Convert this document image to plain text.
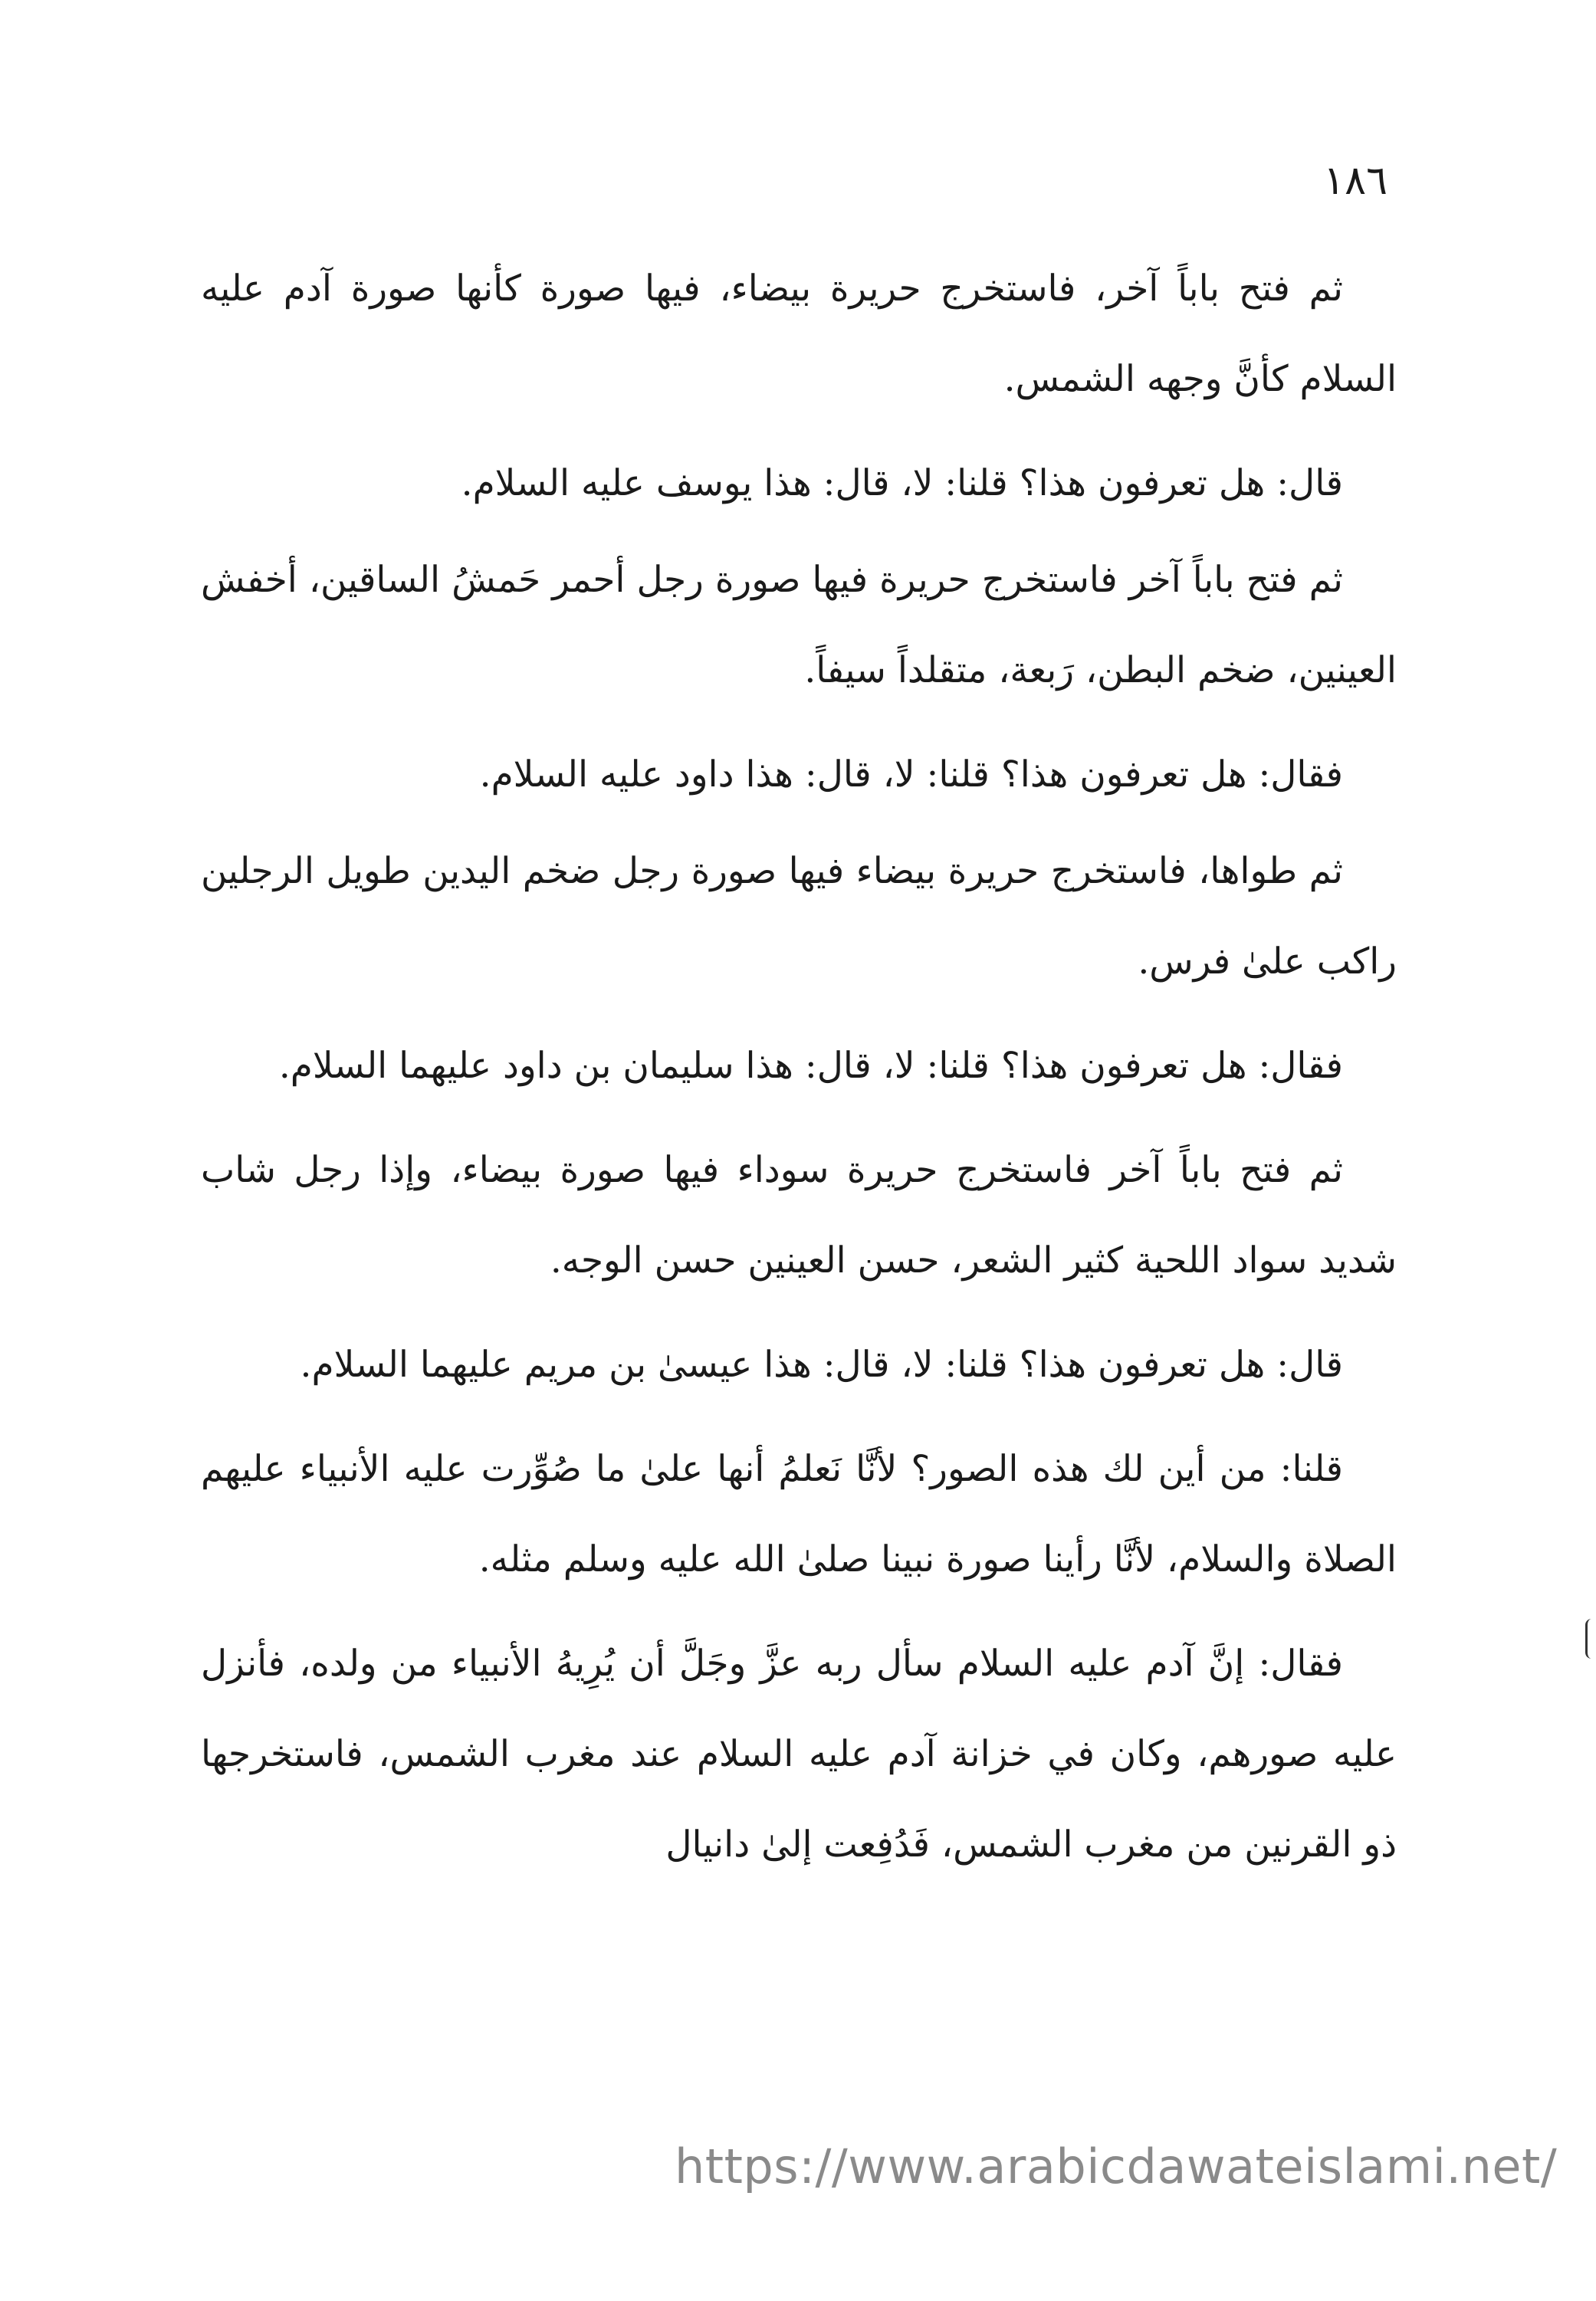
١٨٦

ثم فتح باباً آخر، فاستخرج حريرة بيضاء، فيها صورة كأنها صورة آدم عليه السلام كأنَّ وجهه الشمس.

قال: هل تعرفون هذا؟ قلنا: لا، قال: هذا يوسف عليه السلام.

ثم فتح باباً آخر فاستخرج حريرة فيها صورة رجل أحمر حَمشُ الساقين، أخفش العينين، ضخم البطن، رَبعة، متقلداً سيفاً.

فقال: هل تعرفون هذا؟ قلنا: لا، قال: هذا داود عليه السلام.

ثم طواها، فاستخرج حريرة بيضاء فيها صورة رجل ضخم اليدين طويل الرجلين راكب علىٰ فرس.

فقال: هل تعرفون هذا؟ قلنا: لا، قال: هذا سليمان بن داود عليهما السلام.

ثم فتح باباً آخر فاستخرج حريرة سوداء فيها صورة بيضاء، وإذا رجل شاب شديد سواد اللحية كثير الشعر، حسن العينين حسن الوجه.

قال: هل تعرفون هذا؟ قلنا: لا، قال: هذا عيسىٰ بن مريم عليهما السلام.

قلنا: من أين لك هذه الصور؟ لأنَّا نَعلمُ أنها علىٰ ما صُوِّرت عليه الأنبياء عليهم الصلاة والسلام، لأنَّا رأينا صورة نبينا صلىٰ الله عليه وسلم مثله.

فقال: إنَّ آدم عليه السلام سأل ربه عزَّ وجَلَّ أن يُرِيهُ الأنبياء من ولده، فأنزل عليه صورهم، وكان في خزانة آدم عليه السلام عند مغرب الشمس، فاستخرجها ذو القرنين من مغرب الشمس، فَدُفِعت إلىٰ دانيال

https://www.arabicdawateislami.net/
